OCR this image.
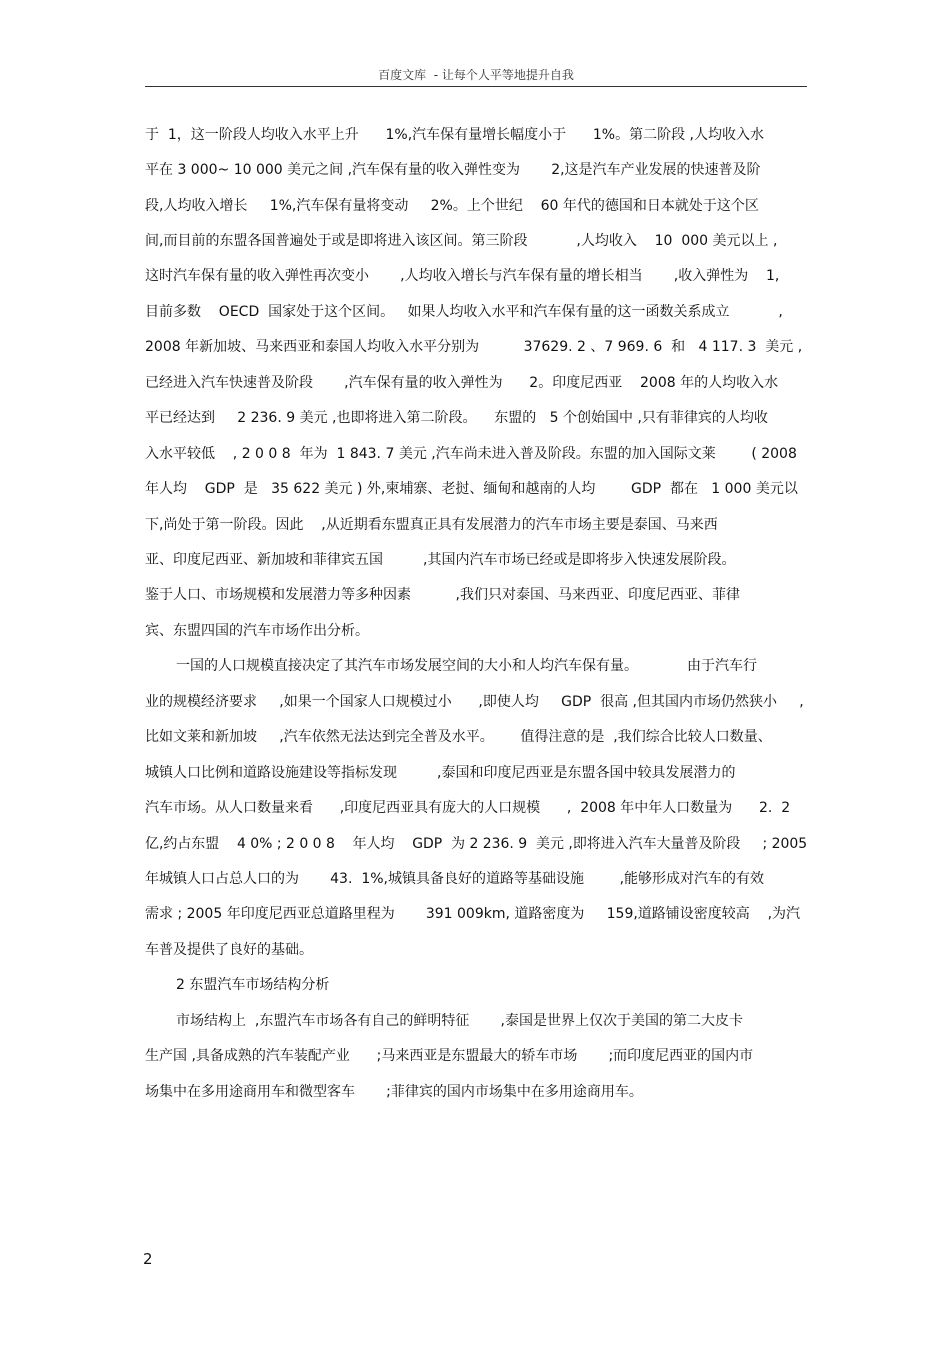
百度文库  - 让每个人平等地提升自我
于  1，这一阶段人均收入水平上升      1%,汽车保有量增长幅度小于      1%。第二阶段 ,人均收入水
平在 3 000~ 10 000 美元之间 ,汽车保有量的收入弹性变为       2,这是汽车产业发展的快速普及阶
段,人均收入增长     1%,汽车保有量将变动     2%。上个世纪    60 年代的德国和日本就处于这个区
间,而目前的东盟各国普遍处于或是即将进入该区间。第三阶段           ,人均收入    10  000 美元以上 ,
这时汽车保有量的收入弹性再次变小       ,人均收入增长与汽车保有量的增长相当       ,收入弹性为    1,
目前多数    OECD  国家处于这个区间。   如果人均收入水平和汽车保有量的这一函数关系成立           ,
2008 年新加坡、马来西亚和泰国人均收入水平分别为          37629. 2 、7 969. 6  和   4 117. 3  美元 ,
已经进入汽车快速普及阶段       ,汽车保有量的收入弹性为      2。印度尼西亚    2008 年的人均收入水
平已经达到     2 236. 9 美元 ,也即将进入第二阶段。    东盟的   5 个创始国中 ,只有菲律宾的人均收
入水平较低    , 2 0 0 8  年为  1 843. 7 美元 ,汽车尚未进入普及阶段。东盟的加入国际文莱        ( 2008
年人均    GDP  是   35 622 美元 ) 外,柬埔寨、老挝、缅甸和越南的人均        GDP  都在   1 000 美元以
下,尚处于第一阶段。因此    ,从近期看东盟真正具有发展潜力的汽车市场主要是泰国、马来西
亚、印度尼西亚、新加坡和菲律宾五国         ,其国内汽车市场已经或是即将步入快速发展阶段。
鉴于人口、市场规模和发展潜力等多种因素          ,我们只对泰国、马来西亚、印度尼西亚、菲律
宾、东盟四国的汽车市场作出分析。
一国的人口规模直接决定了其汽车市场发展空间的大小和人均汽车保有量。           由于汽车行
业的规模经济要求     ,如果一个国家人口规模过小      ,即使人均     GDP  很高 ,但其国内市场仍然狭小     ,
比如文莱和新加坡     ,汽车依然无法达到完全普及水平。      值得注意的是  ,我们综合比较人口数量、
城镇人口比例和道路设施建设等指标发现         ,泰国和印度尼西亚是东盟各国中较具发展潜力的
汽车市场。从人口数量来看      ,印度尼西亚具有庞大的人口规模      ,  2008 年中年人口数量为      2.  2
亿,约占东盟    4 0% ; 2 0 0 8    年人均    GDP  为 2 236. 9  美元 ,即将进入汽车大量普及阶段     ; 2005
年城镇人口占总人口的为       43.  1%,城镇具备良好的道路等基础设施        ,能够形成对汽车的有效
需求 ; 2005 年印度尼西亚总道路里程为       391 009km, 道路密度为     159,道路铺设密度较高    ,为汽
车普及提供了良好的基础。
2 东盟汽车市场结构分析
市场结构上  ,东盟汽车市场各有自己的鲜明特征       ,泰国是世界上仅次于美国的第二大皮卡
生产国 ,具备成熟的汽车装配产业      ;马来西亚是东盟最大的轿车市场       ;而印度尼西亚的国内市
场集中在多用途商用车和微型客车       ;菲律宾的国内市场集中在多用途商用车。
2
